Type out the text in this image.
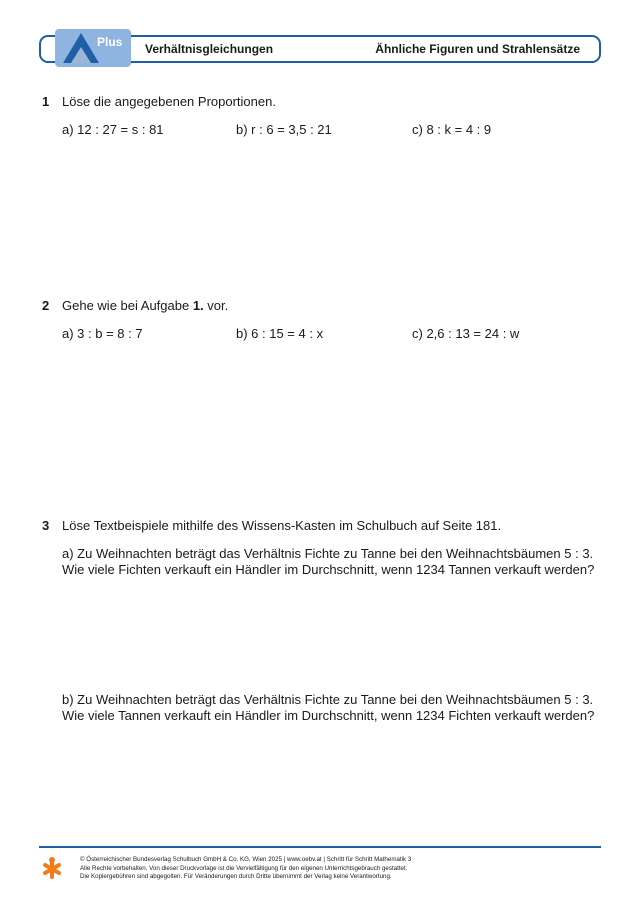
Plus Verhältnisgleichungen	Ähnliche Figuren und Strahlensätze
1 Löse die angegebenen Proportionen.
a) 12 : 27 = s : 81	b) r : 6 = 3,5 : 21	c) 8 : k = 4 : 9
2 Gehe wie bei Aufgabe 1. vor.
a) 3 : b = 8 : 7	b) 6 : 15 = 4 : x	c) 2,6 : 13 = 24 : w
3 Löse Textbeispiele mithilfe des Wissens-Kasten im Schulbuch auf Seite 181.
a) Zu Weihnachten beträgt das Verhältnis Fichte zu Tanne bei den Weihnachtsbäumen 5 : 3.
Wie viele Fichten verkauft ein Händler im Durchschnitt, wenn 1234 Tannen verkauft werden?
b) Zu Weihnachten beträgt das Verhältnis Fichte zu Tanne bei den Weihnachtsbäumen 5 : 3.
Wie viele Tannen verkauft ein Händler im Durchschnitt, wenn 1234 Fichten verkauft werden?
© Österreichischer Bundesverlag Schulbuch GmbH & Co. KG, Wien 2025 | www.oebv.at | Schritt für Schritt Mathematik 3
Alle Rechte vorbehalten. Von dieser Druckvorlage ist die Vervielfältigung für den eigenen Unterrichtsgebrauch gestattet.
Die Kopiergebühren sind abgegolten. Für Veränderungen durch Dritte übernimmt der Verlag keine Verantwortung.
